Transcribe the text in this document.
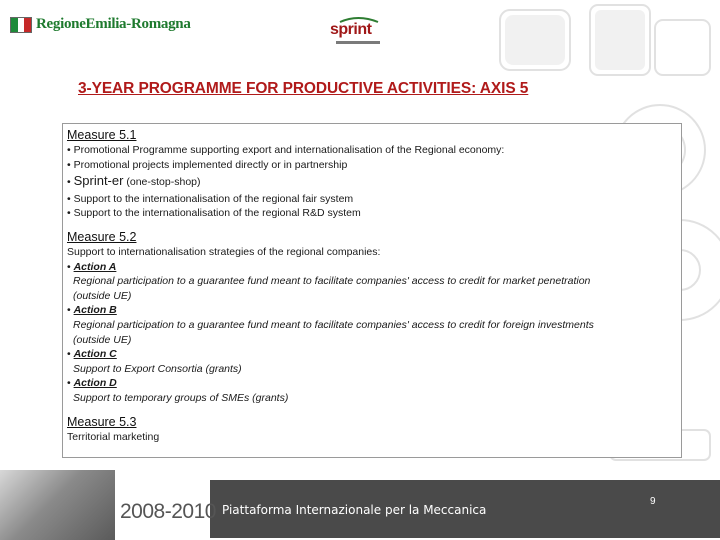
RegioneEmilia-Romagna	sprint
3-YEAR PROGRAMME FOR PRODUCTIVE ACTIVITIES: AXIS 5
Measure 5.1
• Promotional Programme supporting export and internationalisation of the Regional economy:
• Promotional projects implemented directly or in partnership
• Sprint-er (one-stop-shop)
• Support to the internationalisation of the regional fair system
• Support to the internationalisation of the regional R&D system
Measure 5.2
Support to internationalisation strategies of the regional companies:
• Action A
Regional participation to a guarantee fund meant to facilitate companies' access to credit for market penetration
(outside UE)
• Action B
Regional participation to a guarantee fund meant to facilitate companies' access to credit for foreign investments
(outside UE)
• Action C
Support to Export Consortia (grants)
• Action D
Support to temporary groups of SMEs (grants)
Measure 5.3
Territorial marketing
2008-2010 Piattaforma Internazionale per la Meccanica
9
